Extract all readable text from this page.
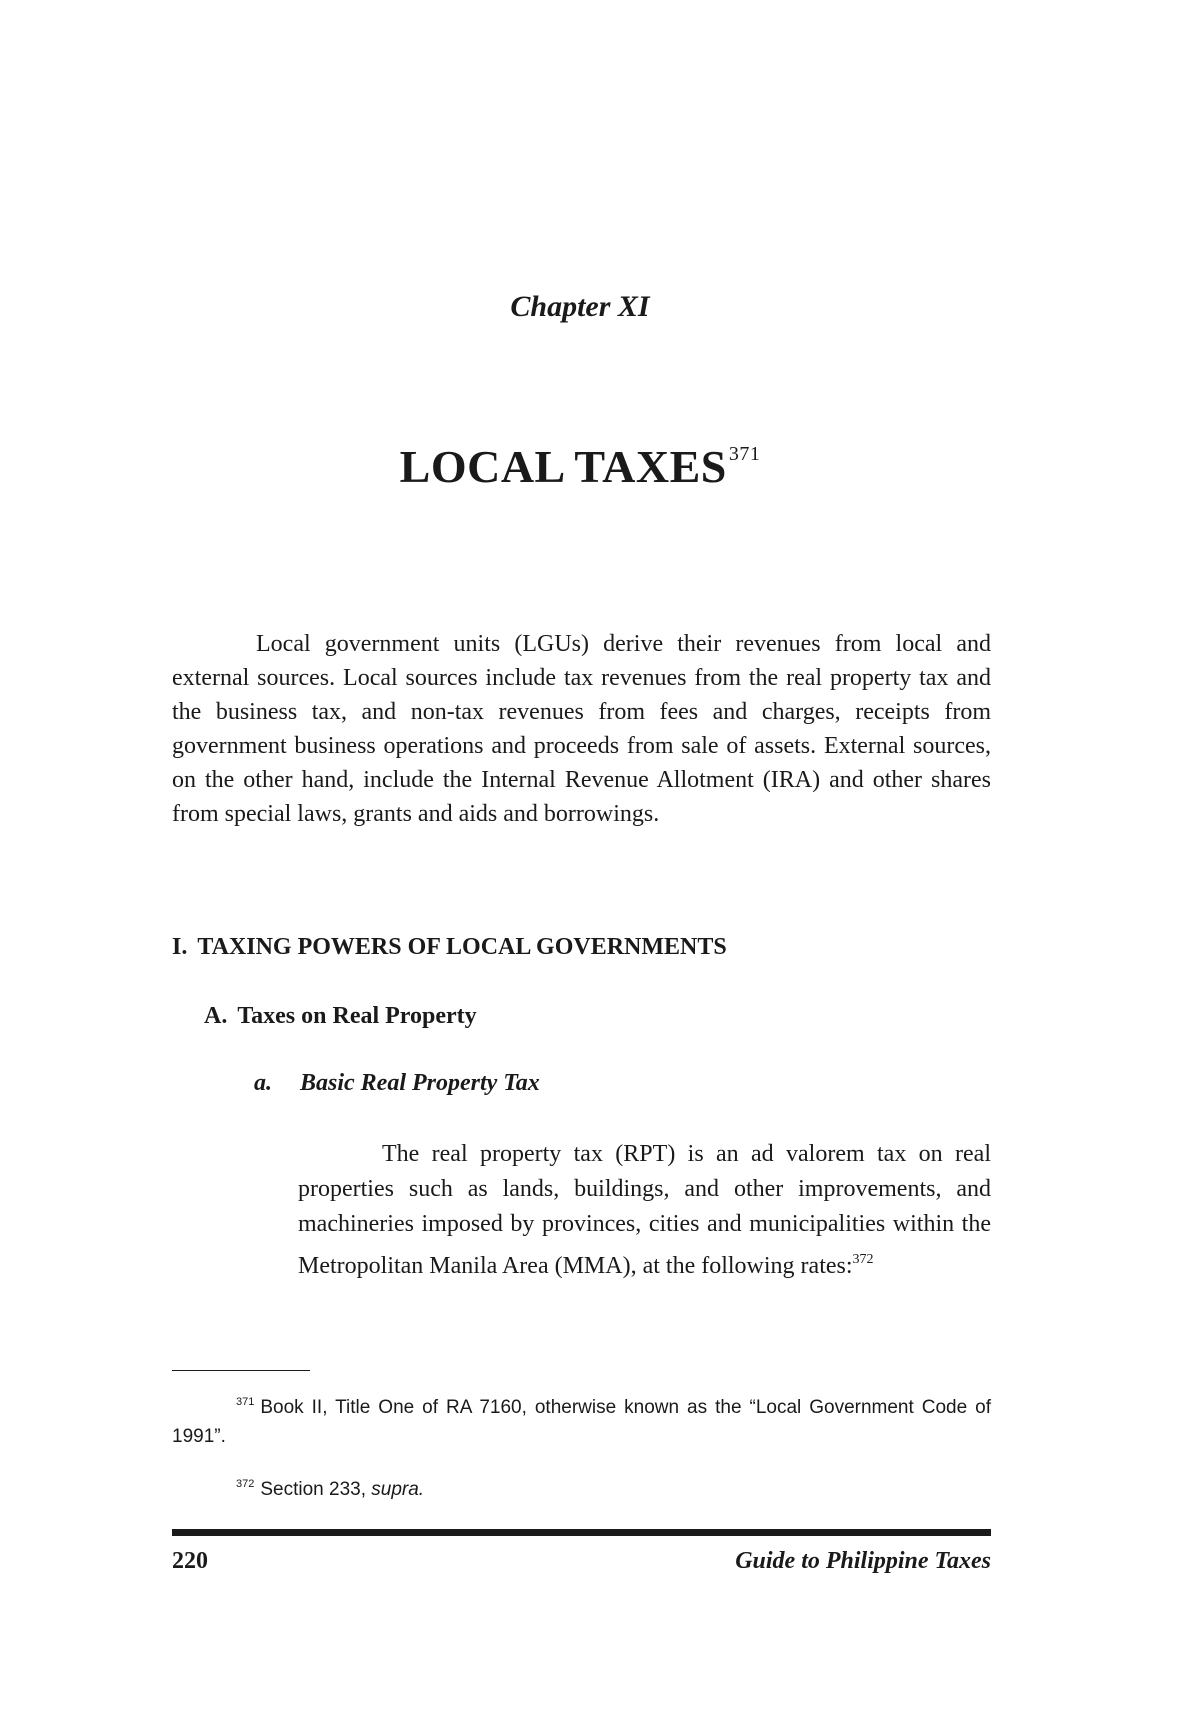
Chapter XI
LOCAL TAXES $^{371}$

Local government units (LGUs) derive their revenues from local and external sources. Local sources include tax revenues from the real property tax and the business tax, and non-tax revenues from fees and charges, receipts from government business operations and proceeds from sale of assets. External sources, on the other hand, include the Internal Revenue Allotment (IRA) and other shares from special laws, grants and aids and borrowings.

I. TAXING POWERS OF LOCAL GOVERNMENTS
A. Taxes on Real Property
a. Basic Real Property Tax

The real property tax (RPT) is an ad valorem tax on real properties such as lands, buildings, and other improvements, and machineries imposed by provinces, cities and municipalities within the Metropolitan Manila Area (MMA), at the following rates:$^{372}$

$^{371}$ Book II, Title One of RA 7160, otherwise known as the “Local Government Code of 1991”.

$^{372}$ Section 233, supra.

220	Guide to Philippine Taxes
